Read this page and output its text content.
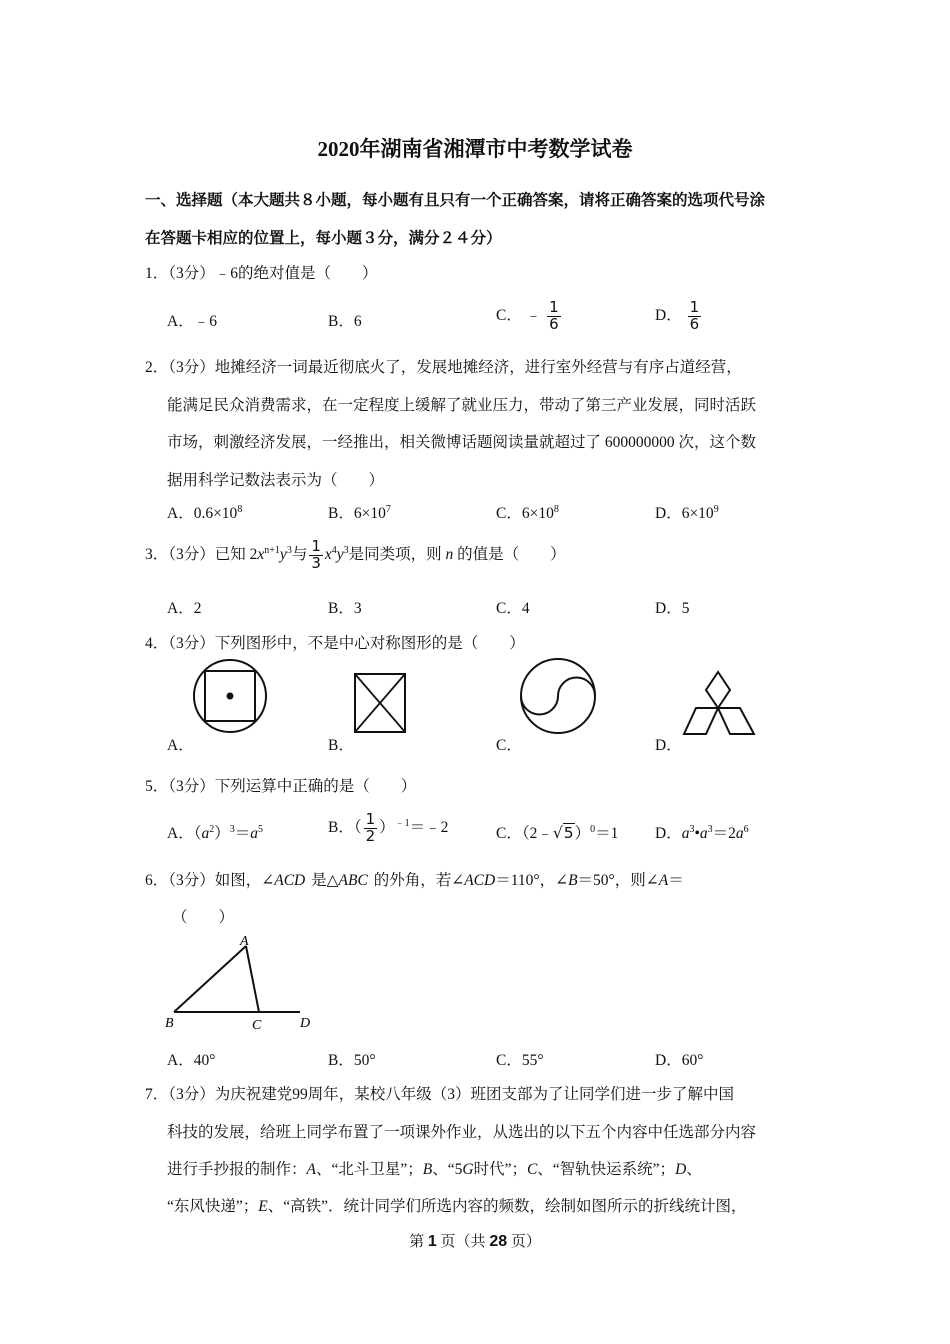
2020年湖南省湘潭市中考数学试卷
一、选择题（本大题共８小题，每小题有且只有一个正确答案，请将正确答案的选项代号涂
在答题卡相应的位置上，每小题３分，满分２４分）
1．（3分）﹣6的绝对值是（　　）
A．﹣6	B．6	C． ﹣ $\frac{1}{6}$	D． $\frac{1}{6}$
2．（3分）地摊经济一词最近彻底火了，发展地摊经济，进行室外经营与有序占道经营，
能满足民众消费需求，在一定程度上缓解了就业压力，带动了第三产业发展，同时活跃
市场，刺激经济发展，一经推出，相关微博话题阅读量就超过了 600000000 次，这个数
据用科学记数法表示为（　　）
A．$0.6\times 10^8$	B．$6\times 10^7$	C．$6\times 10^8$	D．$6\times 10^9$
3．（3分）已知 $2x^{n+1}y^3$与 $\frac{1}{3} x^4y^3$是同类项，则 n 的值是（　　）
A．2	B．3	C．4	D．5
4．（3分）下列图形中，不是中心对称图形的是（　　）
A．	B．	C．	D．
5．（3分）下列运算中正确的是（　　）
A．$(a^2)^3=a^5$	B．（ $\frac{1}{2}$ ）$^{﹣1}$＝﹣2	C．（2﹣√5）$^0$＝1 D．$a^3•a^3=2a^6$
6．（3分）如图，∠ACD 是△ABC 的外角，若∠ACD＝110°，∠B＝50°，则∠A＝
（　　）
A
B	C	D
A．40°	B．50°	C．55°	D．60°
7．（3分）为庆祝建党99周年，某校八年级（3）班团支部为了让同学们进一步了解中国
科技的发展，给班上同学布置了一项课外作业，从选出的以下五个内容中任选部分内容
进行手抄报的制作：A、“北斗卫星”；B、“5G时代”；C、“智轨快运系统”；D、
“东风快递”；E、“高铁”．统计同学们所选内容的频数，绘制如图所示的折线统计图，
第 1 页（共 28 页）
